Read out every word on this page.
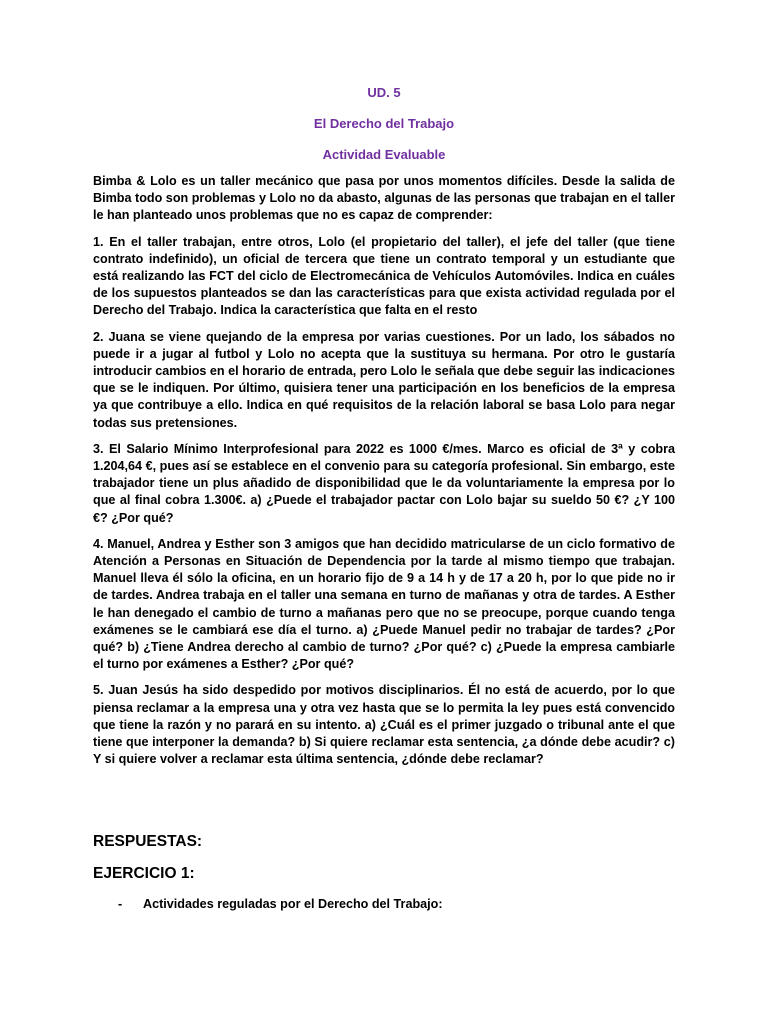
UD. 5
El Derecho del Trabajo
Actividad Evaluable

Bimba & Lolo es un taller mecánico que pasa por unos momentos difíciles. Desde la salida de Bimba todo son problemas y Lolo no da abasto, algunas de las personas que trabajan en el taller le han planteado unos problemas que no es capaz de comprender:

1. En el taller trabajan, entre otros, Lolo (el propietario del taller), el jefe del taller (que tiene contrato indefinido), un oficial de tercera que tiene un contrato temporal y un estudiante que está realizando las FCT del ciclo de Electromecánica de Vehículos Automóviles. Indica en cuáles de los supuestos planteados se dan las características para que exista actividad regulada por el Derecho del Trabajo. Indica la característica que falta en el resto

2. Juana se viene quejando de la empresa por varias cuestiones. Por un lado, los sábados no puede ir a jugar al futbol y Lolo no acepta que la sustituya su hermana. Por otro le gustaría introducir cambios en el horario de entrada, pero Lolo le señala que debe seguir las indicaciones que se le indiquen. Por último, quisiera tener una participación en los beneficios de la empresa ya que contribuye a ello. Indica en qué requisitos de la relación laboral se basa Lolo para negar todas sus pretensiones.

3. El Salario Mínimo Interprofesional para 2022 es 1000 €/mes. Marco es oficial de 3ª y cobra 1.204,64 €, pues así se establece en el convenio para su categoría profesional. Sin embargo, este trabajador tiene un plus añadido de disponibilidad que le da voluntariamente la empresa por lo que al final cobra 1.300€. a) ¿Puede el trabajador pactar con Lolo bajar su sueldo 50 €? ¿Y 100 €? ¿Por qué?

4. Manuel, Andrea y Esther son 3 amigos que han decidido matricularse de un ciclo formativo de Atención a Personas en Situación de Dependencia por la tarde al mismo tiempo que trabajan. Manuel lleva él sólo la oficina, en un horario fijo de 9 a 14 h y de 17 a 20 h, por lo que pide no ir de tardes. Andrea trabaja en el taller una semana en turno de mañanas y otra de tardes. A Esther le han denegado el cambio de turno a mañanas pero que no se preocupe, porque cuando tenga exámenes se le cambiará ese día el turno. a) ¿Puede Manuel pedir no trabajar de tardes? ¿Por qué? b) ¿Tiene Andrea derecho al cambio de turno? ¿Por qué? c) ¿Puede la empresa cambiarle el turno por exámenes a Esther? ¿Por qué?

5. Juan Jesús ha sido despedido por motivos disciplinarios. Él no está de acuerdo, por lo que piensa reclamar a la empresa una y otra vez hasta que se lo permita la ley pues está convencido que tiene la razón y no parará en su intento. a) ¿Cuál es el primer juzgado o tribunal ante el que tiene que interponer la demanda? b) Si quiere reclamar esta sentencia, ¿a dónde debe acudir? c) Y si quiere volver a reclamar esta última sentencia, ¿dónde debe reclamar?

RESPUESTAS:
EJERCICIO 1:
-	Actividades reguladas por el Derecho del Trabajo:
